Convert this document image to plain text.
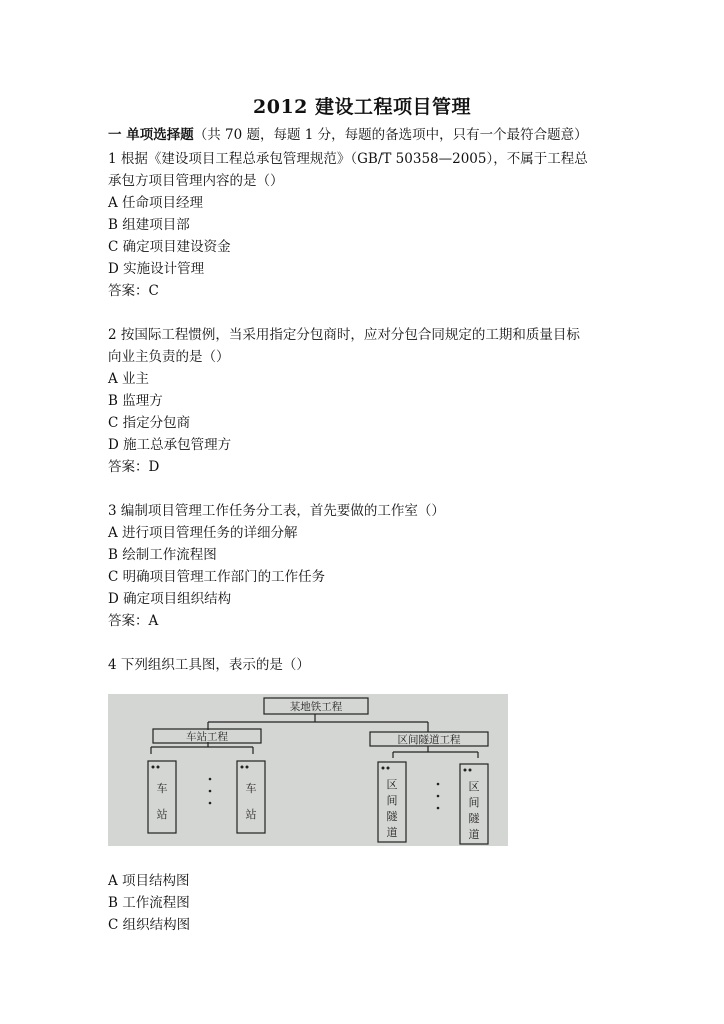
2012 建设工程项目管理
一 单项选择题（共 70 题，每题 1 分，每题的备选项中，只有一个最符合题意）
1 根据《建设项目工程总承包管理规范》（GB/T 50358—2005），不属于工程总
承包方项目管理内容的是（）
A 任命项目经理
B 组建项目部
C 确定项目建设资金
D 实施设计管理
答案：C
2 按国际工程惯例，当采用指定分包商时，应对分包合同规定的工期和质量目标
向业主负责的是（）
A 业主
B 监理方
C 指定分包商
D 施工总承包管理方
答案：D
3 编制项目管理工作任务分工表，首先要做的工作室（）
A 进行项目管理任务的详细分解
B 绘制工作流程图
C 明确项目管理工作部门的工作任务
D 确定项目组织结构
答案：A
4 下列组织工具图，表示的是（）
某地铁工程
车站工程	区间隧道工程
车站
车站
区间隧道
区间隧道
A 项目结构图
B 工作流程图
C 组织结构图
